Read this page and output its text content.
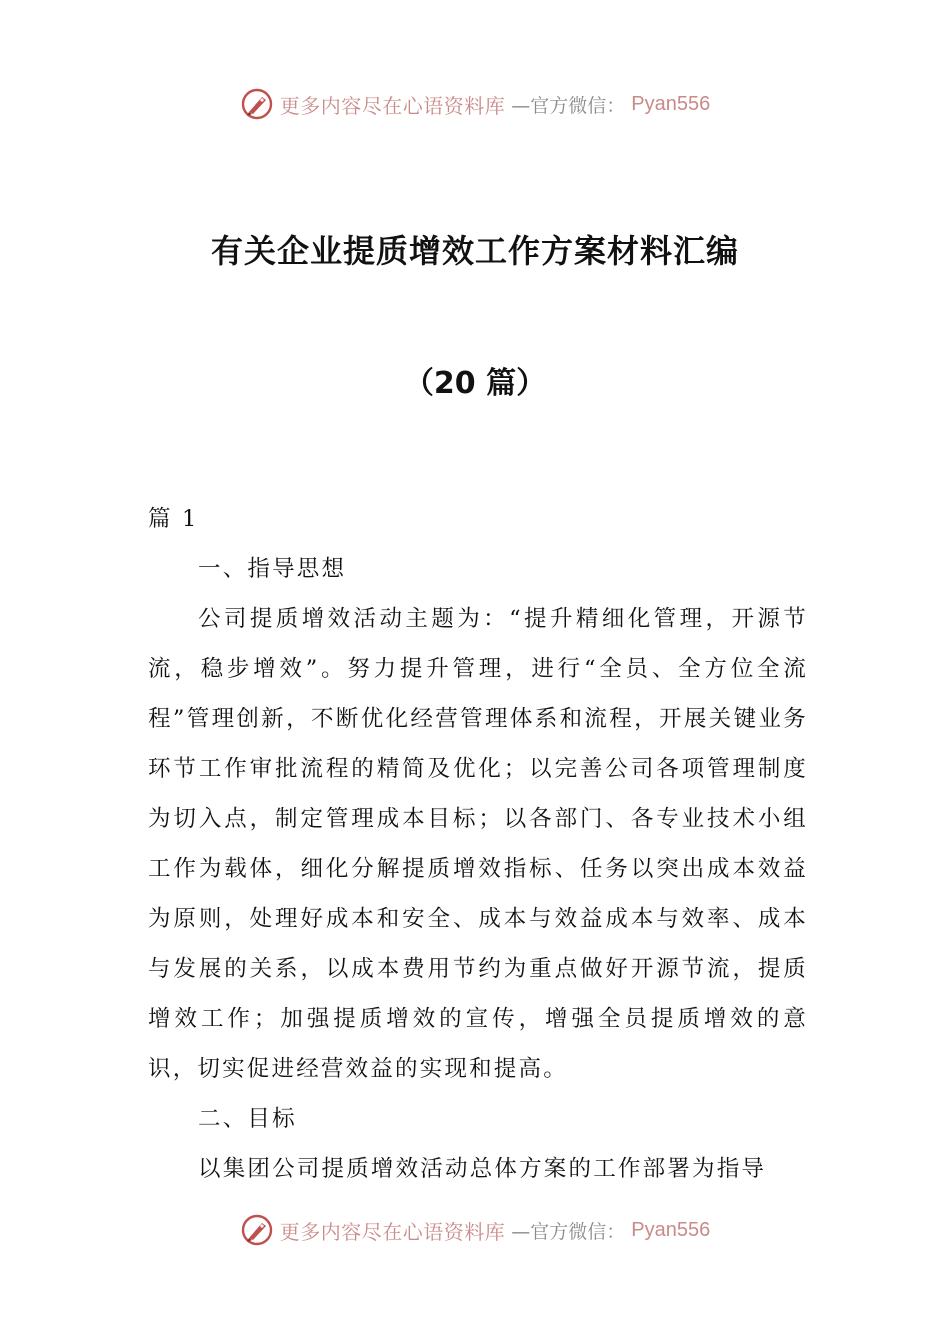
更多内容尽在心语资料库 —官方微信： Pyan556
有关企业提质增效工作方案材料汇编
（20 篇）

篇 1

一、指导思想

公司提质增效活动主题为：“提升精细化管理，开源节流，稳步增效”。努力提升管理，进行“全员、全方位全流程”管理创新，不断优化经营管理体系和流程，开展关键业务环节工作审批流程的精简及优化；以完善公司各项管理制度为切入点，制定管理成本目标；以各部门、各专业技术小组工作为载体，细化分解提质增效指标、任务以突出成本效益为原则，处理好成本和安全、成本与效益成本与效率、成本与发展的关系，以成本费用节约为重点做好开源节流，提质增效工作；加强提质增效的宣传，增强全员提质增效的意识，切实促进经营效益的实现和提高。

二、目标

以集团公司提质增效活动总体方案的工作部署为指导

更多内容尽在心语资料库 —官方微信： Pyan556
